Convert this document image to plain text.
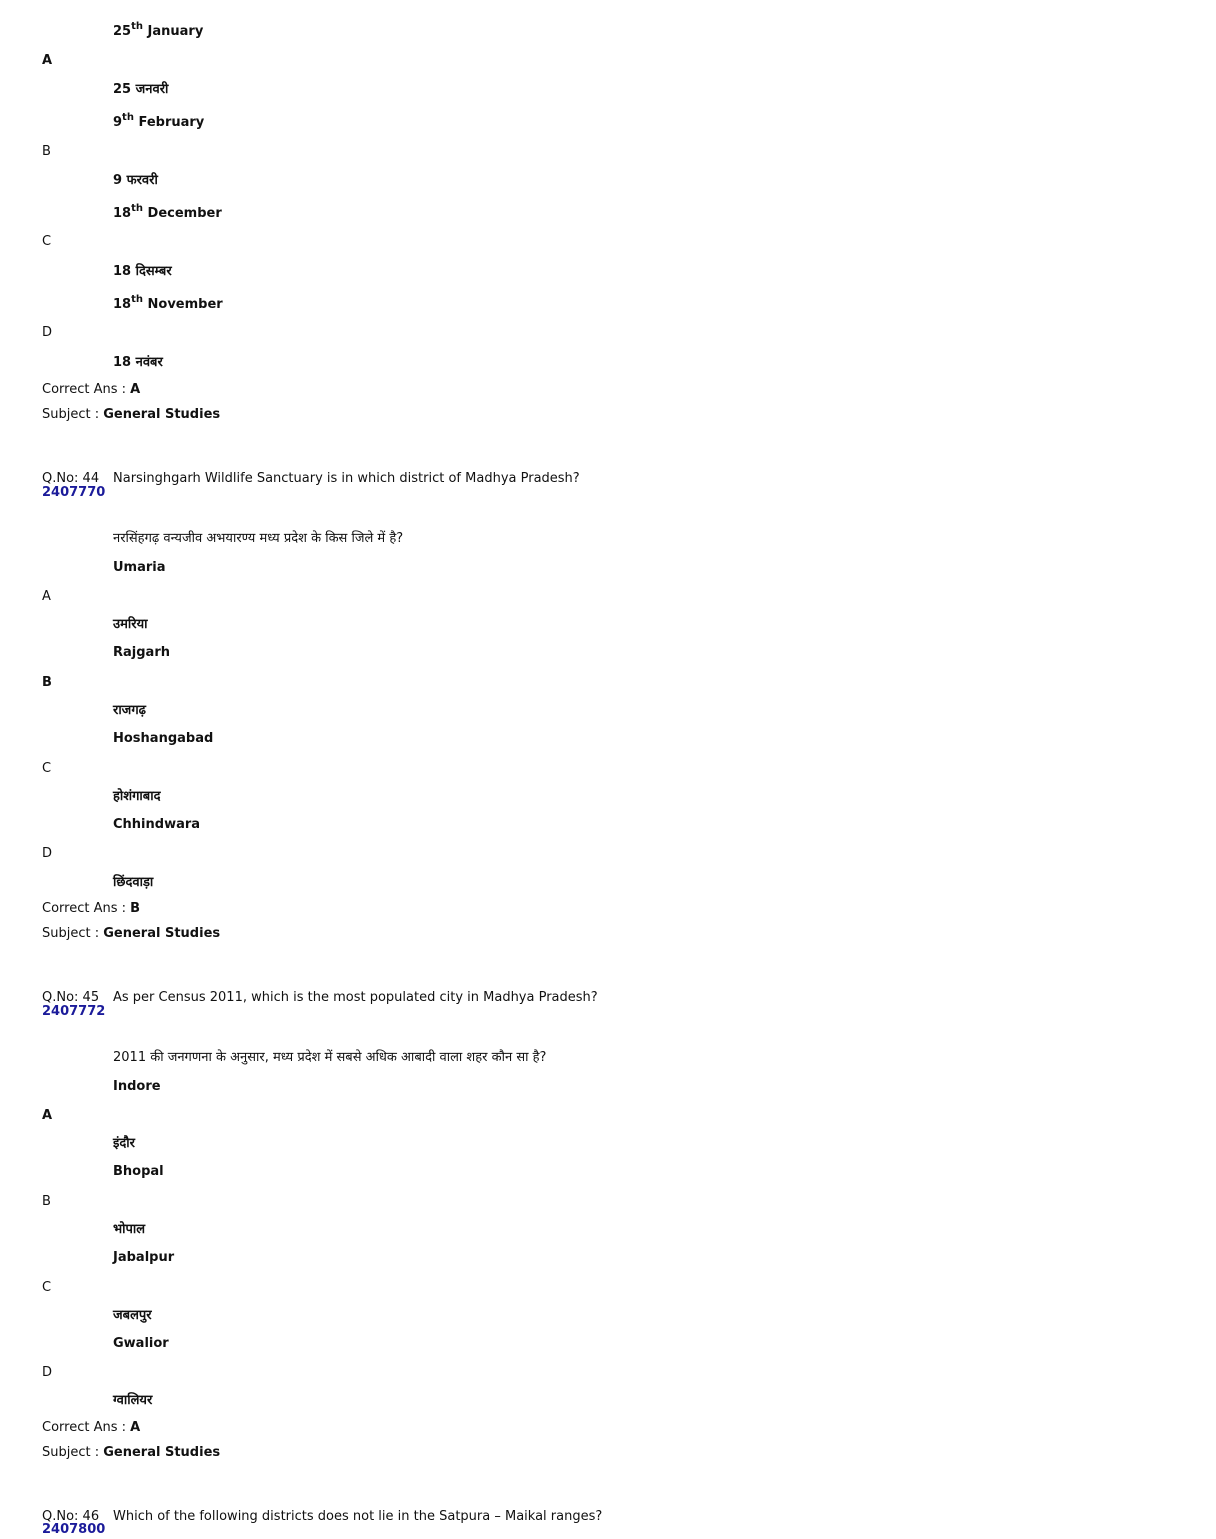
25th January
A
25 जनवरी
9th February
B
9 फरवरी
18th December
C
18 दिसम्बर
18th November
D
18 नवंबर
Correct Ans : A
Subject : General Studies
Q.No: 44
2407770
Narsinghgarh Wildlife Sanctuary is in which district of Madhya Pradesh?
नरसिंहगढ़ वन्यजीव अभयारण्य मध्य प्रदेश के किस जिले में है?
Umaria
A
उमरिया
Rajgarh
B
राजगढ़
Hoshangabad
C
होशंगाबाद
Chhindwara
D
छिंदवाड़ा
Correct Ans : B
Subject : General Studies
Q.No: 45
2407772
As per Census 2011, which is the most populated city in Madhya Pradesh?
2011 की जनगणना के अनुसार, मध्य प्रदेश में सबसे अधिक आबादी वाला शहर कौन सा है?
Indore
A
इंदौर
Bhopal
B
भोपाल
Jabalpur
C
जबलपुर
Gwalior
D
ग्वालियर
Correct Ans : A
Subject : General Studies
Q.No: 46
2407800
Which of the following districts does not lie in the Satpura – Maikal ranges?
